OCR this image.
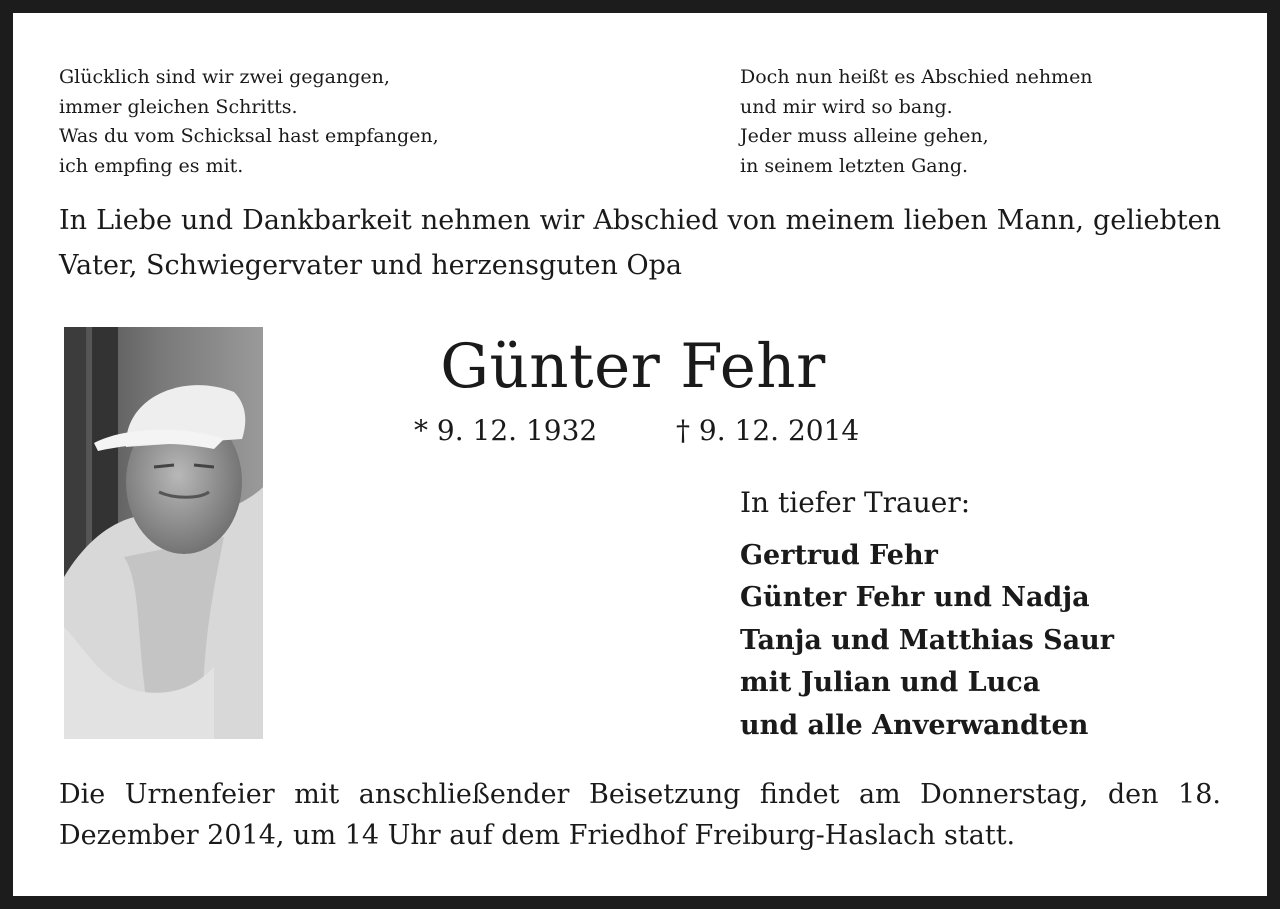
Glücklich sind wir zwei gegangen,
immer gleichen Schritts.
Was du vom Schicksal hast empfangen,
ich empfing es mit.
Doch nun heißt es Abschied nehmen
und mir wird so bang.
Jeder muss alleine gehen,
in seinem letzten Gang.
In Liebe und Dankbarkeit nehmen wir Abschied von meinem lieben Mann, geliebten Vater, Schwiegervater und herzensguten Opa
Günter Fehr
* 9. 12. 1932	† 9. 12. 2014
In tiefer Trauer:
Gertrud Fehr
Günter Fehr und Nadja
Tanja und Matthias Saur
mit Julian und Luca
und alle Anverwandten
Die Urnenfeier mit anschließender Beisetzung findet am Donnerstag, den 18. Dezember 2014, um 14 Uhr auf dem Friedhof Freiburg-Haslach statt.
